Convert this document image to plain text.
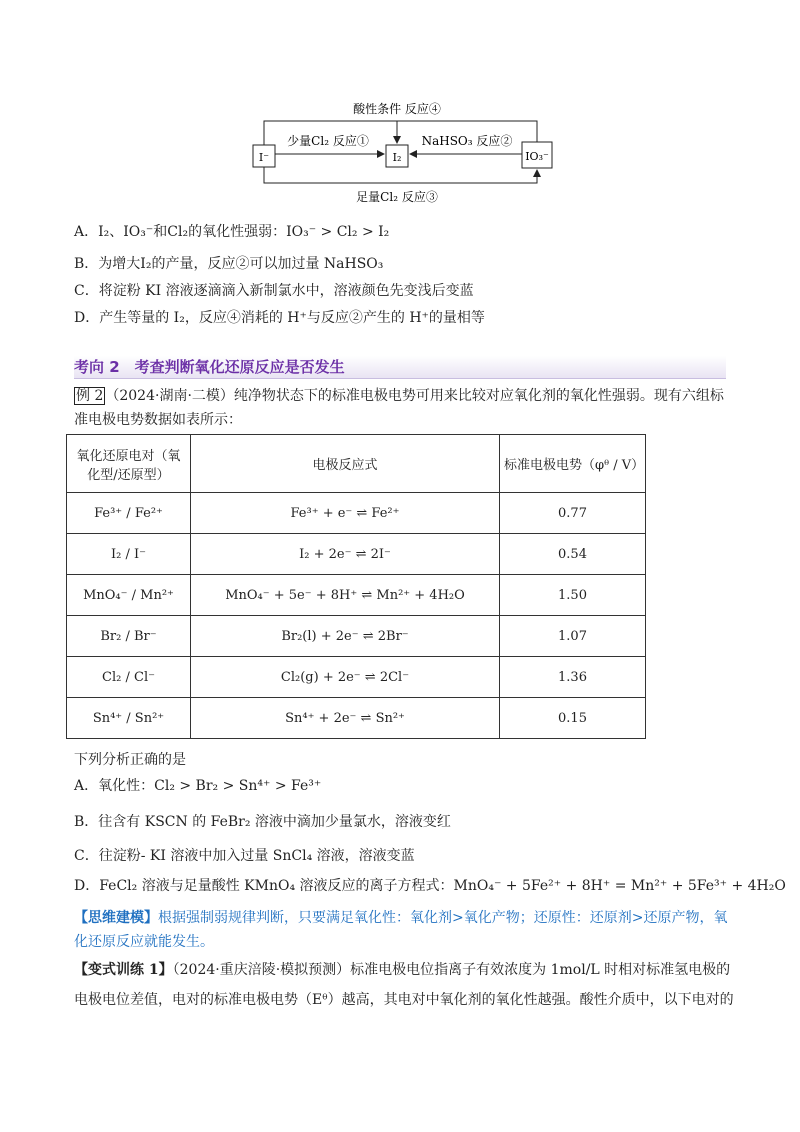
I⁻	I₂	IO₃⁻
酸性条件 反应④
少量Cl₂ 反应①	NaHSO₃ 反应②
足量Cl₂ 反应③
A．I₂、IO₃⁻和Cl₂的氧化性强弱：IO₃⁻ > Cl₂ > I₂
B．为增大I₂的产量，反应②可以加过量 NaHSO₃
C．将淀粉 KI 溶液逐滴滴入新制氯水中，溶液颜色先变浅后变蓝
D．产生等量的 I₂，反应④消耗的 H⁺与反应②产生的 H⁺的量相等
考向 2　考查判断氧化还原反应是否发生
例 2 （2024·湖南·二模）纯净物状态下的标准电极电势可用来比较对应氧化剂的氧化性强弱。现有六组标
准电极电势数据如表所示：
氧化还原电对（氧化型/还原型）	电极反应式	标准电极电势（φᶿ / V）
Fe³⁺ / Fe²⁺	Fe³⁺ + e⁻ ⇌ Fe²⁺	0.77
I₂ / I⁻	I₂ + 2e⁻ ⇌ 2I⁻	0.54
MnO₄⁻ / Mn²⁺	MnO₄⁻ + 5e⁻ + 8H⁺ ⇌ Mn²⁺ + 4H₂O	1.50
Br₂ / Br⁻	Br₂(l) + 2e⁻ ⇌ 2Br⁻	1.07
Cl₂ / Cl⁻	Cl₂(g) + 2e⁻ ⇌ 2Cl⁻	1.36
Sn⁴⁺ / Sn²⁺	Sn⁴⁺ + 2e⁻ ⇌ Sn²⁺	0.15
下列分析正确的是
A．氧化性：Cl₂ > Br₂ > Sn⁴⁺ > Fe³⁺
B．往含有 KSCN 的 FeBr₂ 溶液中滴加少量氯水，溶液变红
C．往淀粉- KI 溶液中加入过量 SnCl₄ 溶液，溶液变蓝
D．FeCl₂ 溶液与足量酸性 KMnO₄ 溶液反应的离子方程式：MnO₄⁻ + 5Fe²⁺ + 8H⁺ = Mn²⁺ + 5Fe³⁺ + 4H₂O
【思维建模】根据强制弱规律判断，只要满足氧化性：氧化剂>氧化产物；还原性：还原剂>还原产物，氧
化还原反应就能发生。
【变式训练 1】（2024·重庆涪陵·模拟预测）标准电极电位指离子有效浓度为 1mol/L 时相对标准氢电极的
电极电位差值，电对的标准电极电势（Eᶿ）越高，其电对中氧化剂的氧化性越强。酸性介质中，以下电对的
